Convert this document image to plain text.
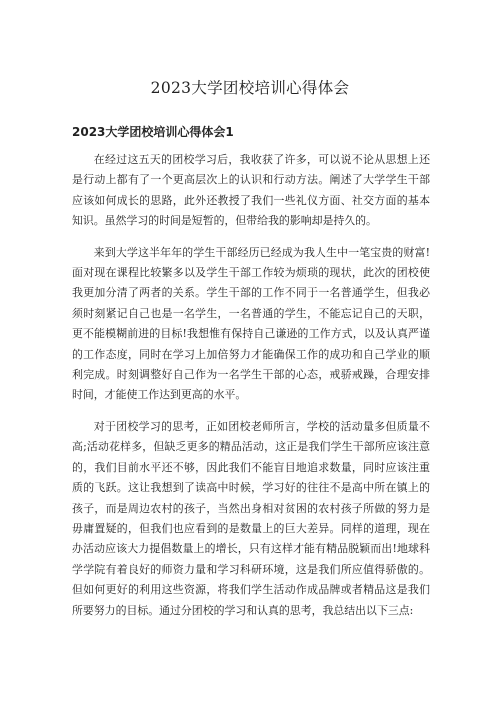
2023大学团校培训心得体会
2023大学团校培训心得体会1

在经过这五天的团校学习后，我收获了许多，可以说不论从思想上还是行动上都有了一个更高层次上的认识和行动方法。阐述了大学学生干部应该如何成长的思路，此外还教授了我们一些礼仪方面、社交方面的基本知识。虽然学习的时间是短暂的，但带给我的影响却是持久的。

来到大学这半年年的学生干部经历已经成为我人生中一笔宝贵的财富!面对现在课程比较繁多以及学生干部工作较为烦琐的现状，此次的团校使我更加分清了两者的关系。学生干部的工作不同于一名普通学生，但我必须时刻紧记自己也是一名学生，一名普通的学生，不能忘记自己的天职，更不能模糊前进的目标!我想惟有保持自己谦逊的工作方式，以及认真严谨的工作态度，同时在学习上加倍努力才能确保工作的成功和自己学业的顺利完成。时刻调整好自己作为一名学生干部的心态，戒骄戒躁，合理安排时间，才能使工作达到更高的水平。

对于团校学习的思考，正如团校老师所言，学校的活动量多但质量不高;活动花样多，但缺乏更多的精品活动，这正是我们学生干部所应该注意的，我们目前水平还不够，因此我们不能盲目地追求数量，同时应该注重质的飞跃。这让我想到了读高中时候，学习好的往往不是高中所在镇上的孩子，而是周边农村的孩子，当然出身相对贫困的农村孩子所做的努力是毋庸置疑的，但我们也应看到的是数量上的巨大差异。同样的道理，现在办活动应该大力提倡数量上的增长，只有这样才能有精品脱颖而出!地球科学学院有着良好的师资力量和学习科研环境，这是我们所应值得骄傲的。但如何更好的利用这些资源，将我们学生活动作成品牌或者精品这是我们所要努力的目标。通过分团校的学习和认真的思考，我总结出以下三点:
